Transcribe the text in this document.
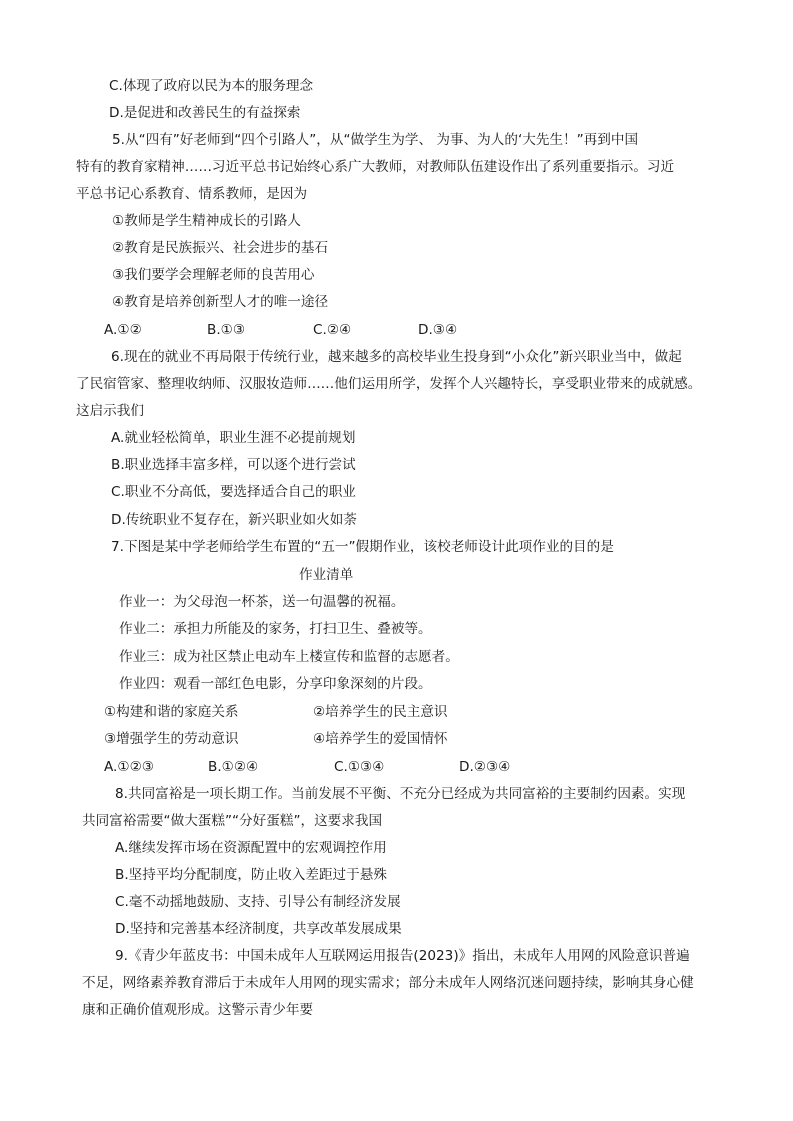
C.体现了政府以民为本的服务理念
D.是促进和改善民生的有益探索
5.从“四有”好老师到“四个引路人”，从“做学生为学、 为事、为人的‘大先生！”再到中国
特有的教育家精神……习近平总书记始终心系广大教师，对教师队伍建设作出了系列重要指示。习近
平总书记心系教育、情系教师，是因为
①教师是学生精神成长的引路人
②教育是民族振兴、社会进步的基石
③我们要学会理解老师的良苦用心
④教育是培养创新型人才的唯一途径
A.①②	B.①③	C.②④	D.③④
6.现在的就业不再局限于传统行业，越来越多的高校毕业生投身到“小众化”新兴职业当中，做起
了民宿管家、整理收纳师、汉服妆造师……他们运用所学，发挥个人兴趣特长，享受职业带来的成就感。
这启示我们
A.就业轻松简单，职业生涯不必提前规划
B.职业选择丰富多样，可以逐个进行尝试
C.职业不分高低，要选择适合自己的职业
D.传统职业不复存在，新兴职业如火如荼
7.下图是某中学老师给学生布置的“五一”假期作业，该校老师设计此项作业的目的是
作业清单
作业一：为父母泡一杯茶，送一句温馨的祝福。
作业二：承担力所能及的家务，打扫卫生、叠被等。
作业三：成为社区禁止电动车上楼宣传和监督的志愿者。
作业四：观看一部红色电影，分享印象深刻的片段。
①构建和谐的家庭关系	②培养学生的民主意识
③增强学生的劳动意识	④培养学生的爱国情怀
A.①②③	B.①②④	C.①③④	D.②③④
8.共同富裕是一项长期工作。当前发展不平衡、不充分已经成为共同富裕的主要制约因素。实现
共同富裕需要“做大蛋糕”“分好蛋糕”，这要求我国
A.继续发挥市场在资源配置中的宏观调控作用
B.坚持平均分配制度，防止收入差距过于悬殊
C.毫不动摇地鼓励、支持、引导公有制经济发展
D.坚持和完善基本经济制度，共享改革发展成果
9.《青少年蓝皮书：中国未成年人互联网运用报告(2023)》指出，未成年人用网的风险意识普遍
不足，网络素养教育滞后于未成年人用网的现实需求；部分未成年人网络沉迷问题持续，影响其身心健
康和正确价值观形成。这警示青少年要
